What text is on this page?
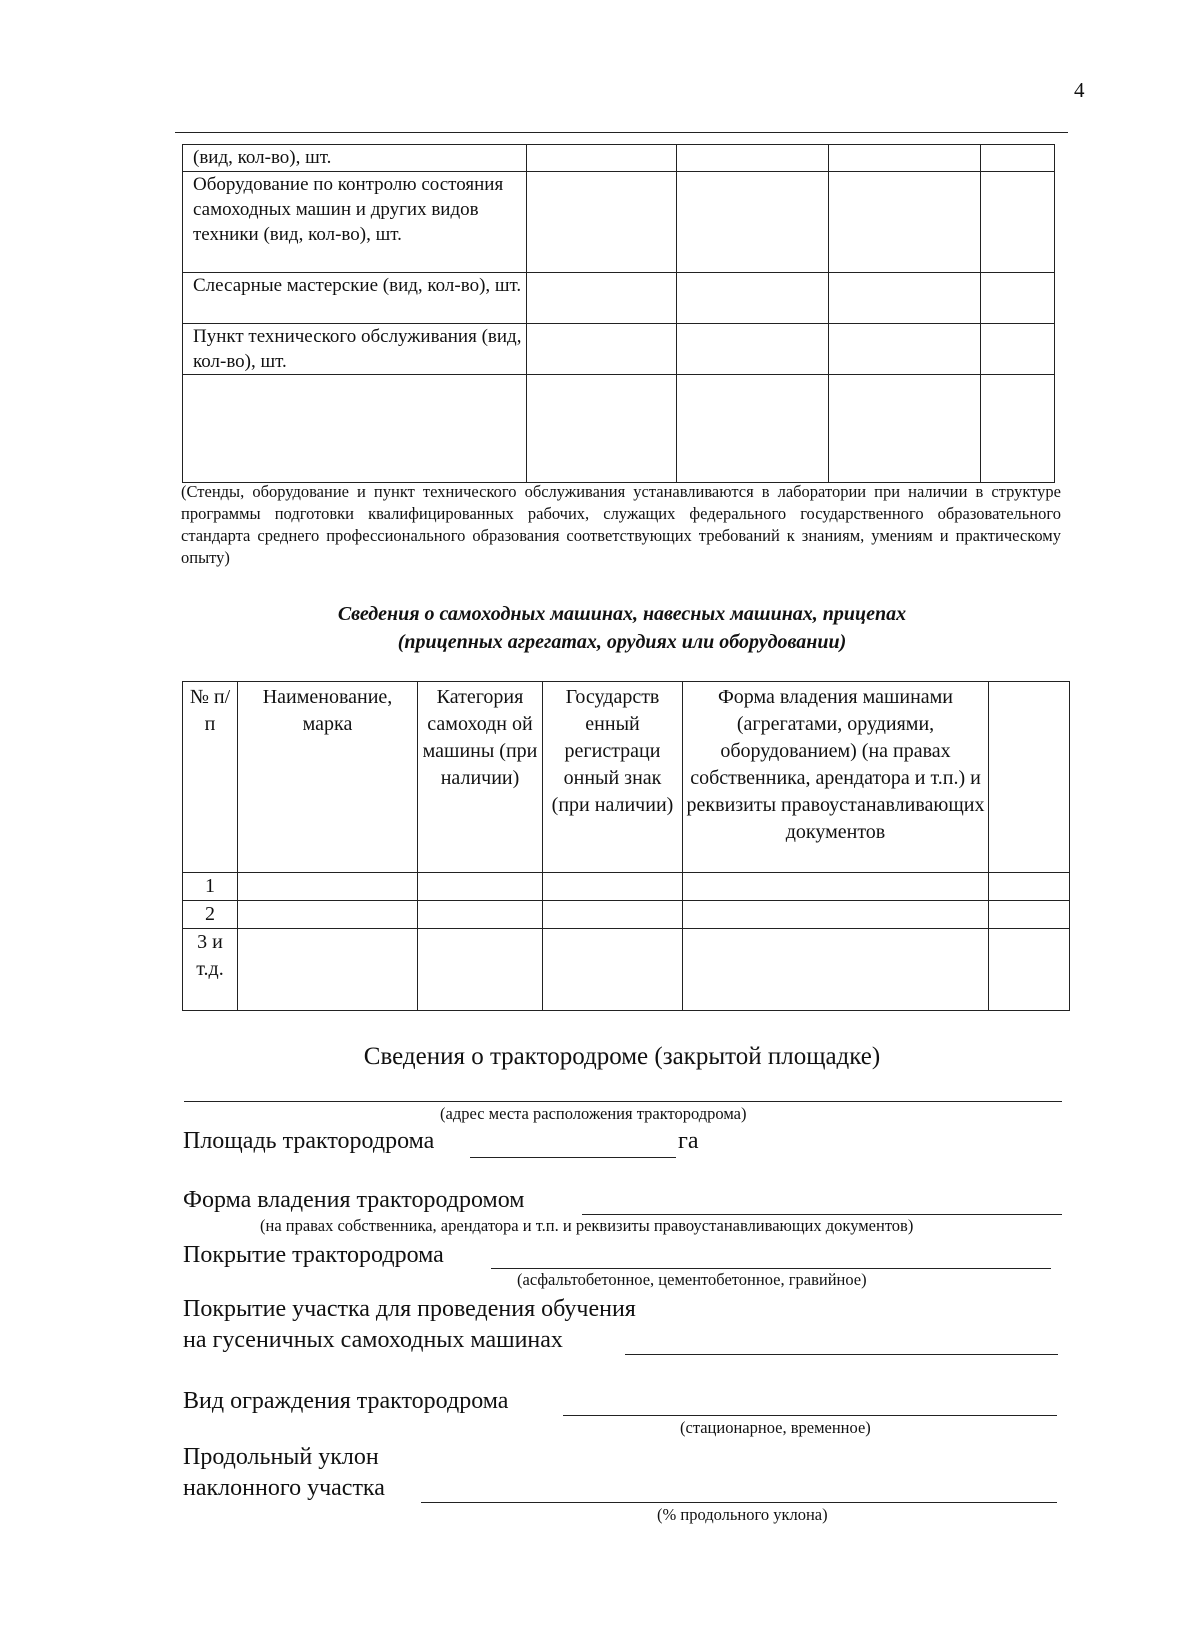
4
(вид, кол-во), шт.				
Оборудование по контролю состояния самоходных машин и других видов техники (вид, кол-во), шт.				
Слесарные мастерские (вид, кол-во), шт.				
Пункт технического обслуживания (вид, кол-во), шт.				

(Стенды, оборудование и пункт технического обслуживания устанавливаются в лаборатории при наличии в структуре программы подготовки квалифицированных рабочих, служащих федерального государственного образовательного стандарта среднего профессионального образования соответствующих требований к знаниям, умениям и практическому опыту)

Сведения о самоходных машинах, навесных машинах, прицепах
(прицепных агрегатах, орудиях или оборудовании)
№ п/п	Наименование, марка	Категория самоходн ой машины (при наличии)	Государств енный регистраци онный знак (при наличии)	Форма владения машинами (агрегатами, орудиями, оборудованием) (на правах собственника, арендатора и т.п.) и реквизиты правоустанавливающих документов	
1					
2					
3 и т.д.					
Сведения о трактородроме (закрытой площадке)
(адрес места расположения трактородрома)
Площадь трактородрома	га
Форма владения трактородромом
(на правах собственника, арендатора и т.п. и реквизиты правоустанавливающих документов)
Покрытие трактородрома
(асфальтобетонное, цементобетонное, гравийное)
Покрытие участка для проведения обучения
на гусеничных самоходных машинах
Вид ограждения трактородрома
(стационарное, временное)
Продольный уклон
наклонного участка
(% продольного уклона)
